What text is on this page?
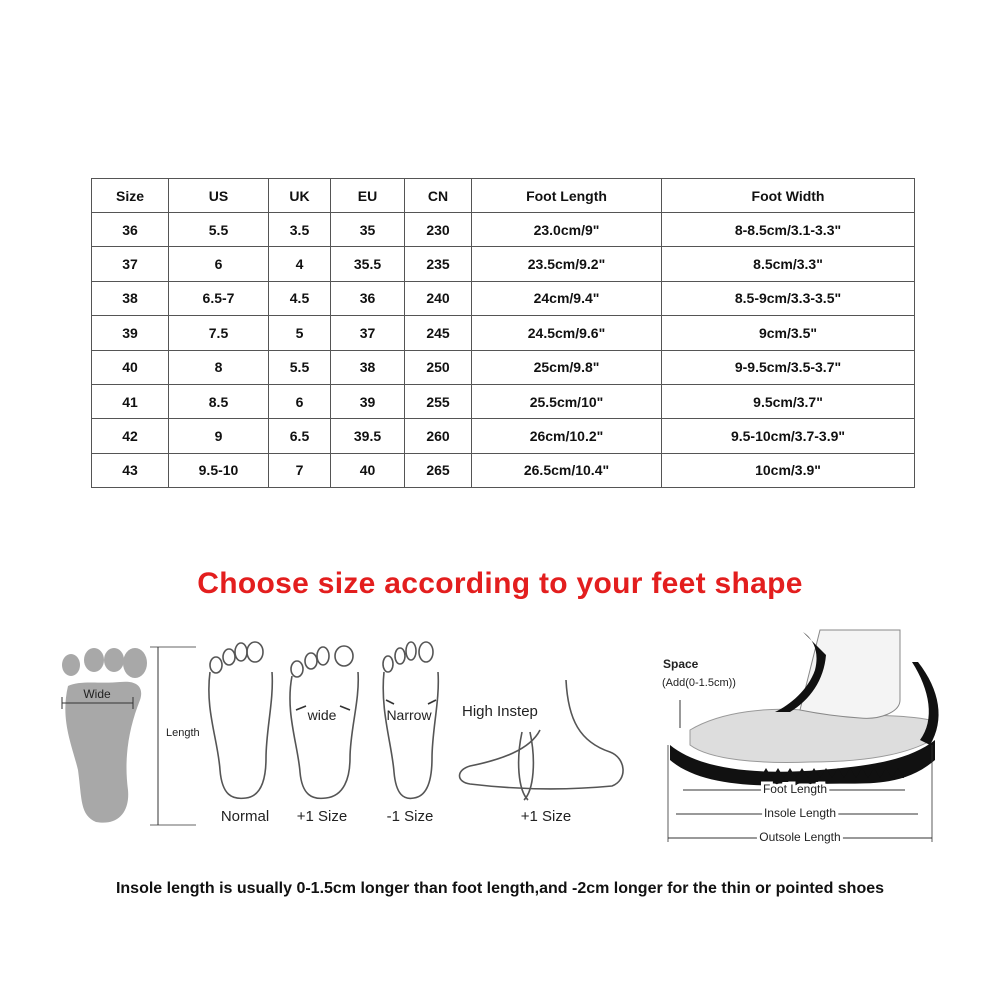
Size	US	UK	EU	CN	Foot Length	Foot Width
36	5.5	3.5	35	230	23.0cm/9"	8-8.5cm/3.1-3.3"
37	6	4	35.5	235	23.5cm/9.2"	8.5cm/3.3"
38	6.5-7	4.5	36	240	24cm/9.4"	8.5-9cm/3.3-3.5"
39	7.5	5	37	245	24.5cm/9.6"	9cm/3.5"
40	8	5.5	38	250	25cm/9.8"	9-9.5cm/3.5-3.7"
41	8.5	6	39	255	25.5cm/10"	9.5cm/3.7"
42	9	6.5	39.5	260	26cm/10.2"	9.5-10cm/3.7-3.9"
43	9.5-10	7	40	265	26.5cm/10.4"	10cm/3.9"
Choose size according to your feet shape
Wide
Length
wide	Narrow High Instep
Normal +1 Size	-1 Size	+1 Size
Space
(Add(0-1.5cm))
Foot Length
Insole Length
Outsole Length
Insole length is usually 0-1.5cm longer than foot length,and -2cm longer for the thin or pointed shoes
